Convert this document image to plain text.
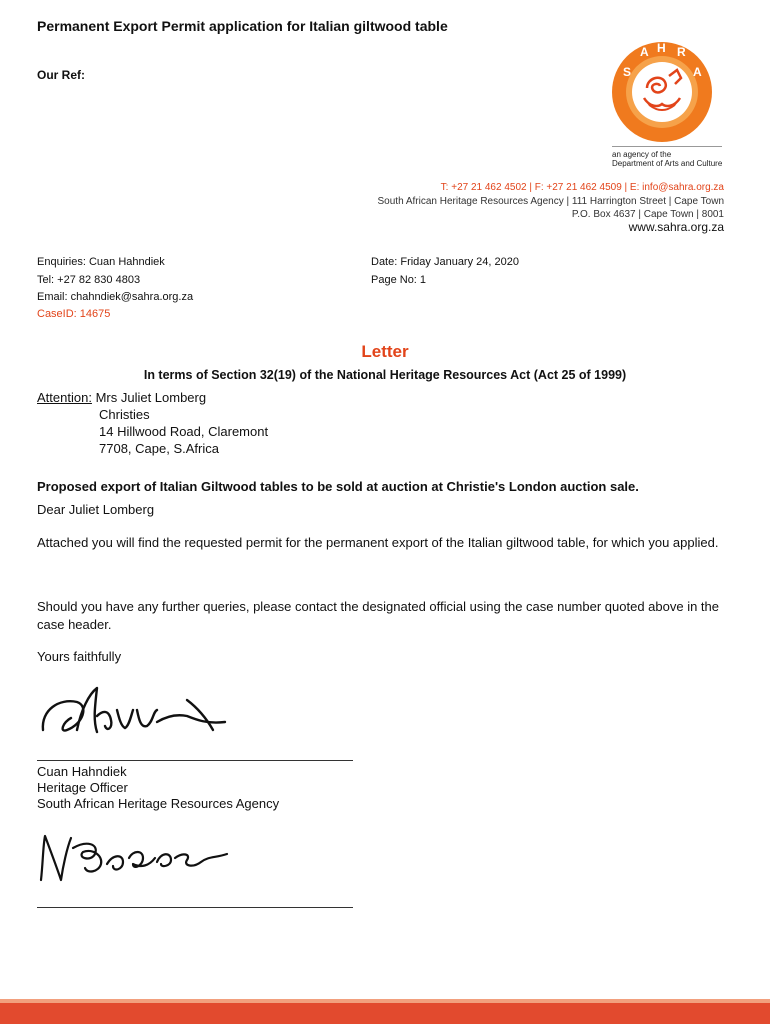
Permanent Export Permit application for Italian giltwood table
Our Ref:	S
A H R
A
an agency of the
Department of Arts and Culture
T: +27 21 462 4502 | F: +27 21 462 4509 | E: info@sahra.org.za
South African Heritage Resources Agency | 111 Harrington Street | Cape Town
P.O. Box 4637 | Cape Town | 8001
www.sahra.org.za
Enquiries: Cuan Hahndiek
Tel: +27 82 830 4803
Email: chahndiek@sahra.org.za
CaseID: 14675
Date: Friday January 24, 2020
Page No: 1
Letter
In terms of Section 32(19) of the National Heritage Resources Act (Act 25 of 1999)
Attention: Mrs Juliet Lomberg
Christies
14 Hillwood Road, Claremont
7708, Cape, S.Africa
Proposed export of Italian Giltwood tables to be sold at auction at Christie's London auction sale.
Dear Juliet Lomberg
Attached you will find the requested permit for the permanent export of the Italian giltwood table, for which you applied.
Should you have any further queries, please contact the designated official using the case number quoted above in the case header.
Yours faithfully
Cuan Hahndiek
Heritage Officer
South African Heritage Resources Agency
